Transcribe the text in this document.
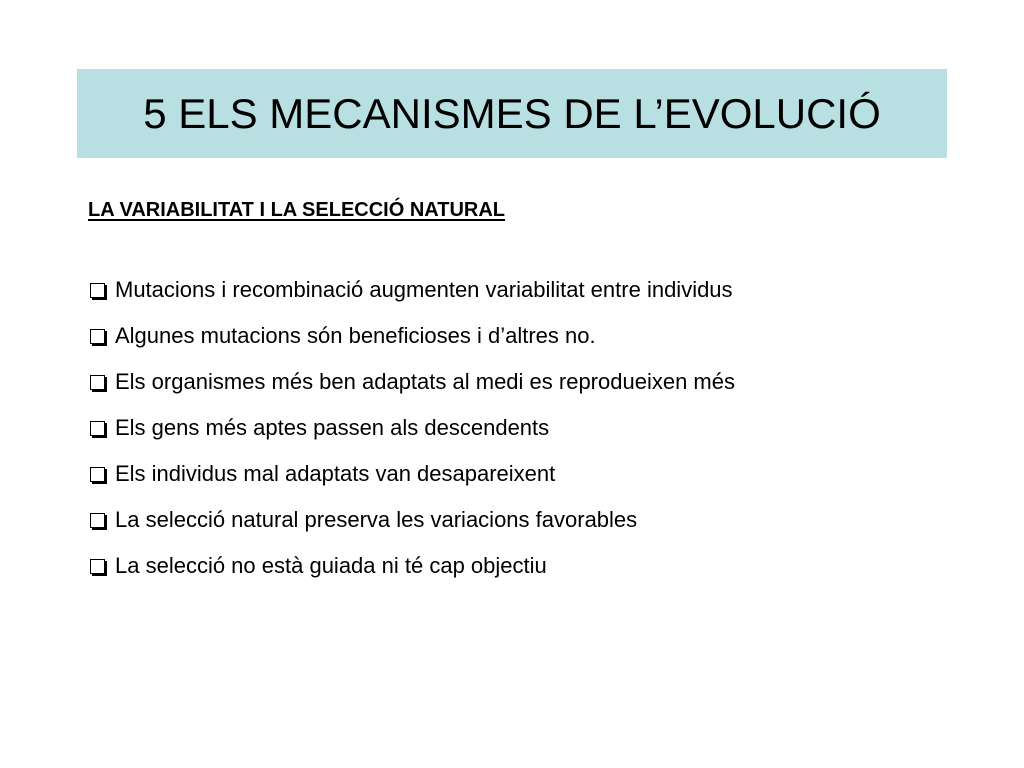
5 ELS MECANISMES DE L’EVOLUCIÓ
LA VARIABILITAT I LA SELECCIÓ NATURAL
Mutacions i recombinació augmenten variabilitat entre individus
Algunes mutacions són beneficioses i d’altres no.
Els organismes més ben adaptats al medi es reprodueixen més
Els gens més aptes passen als descendents
Els individus mal adaptats van desapareixent
La selecció natural preserva les variacions favorables
La selecció no està guiada ni té cap objectiu
